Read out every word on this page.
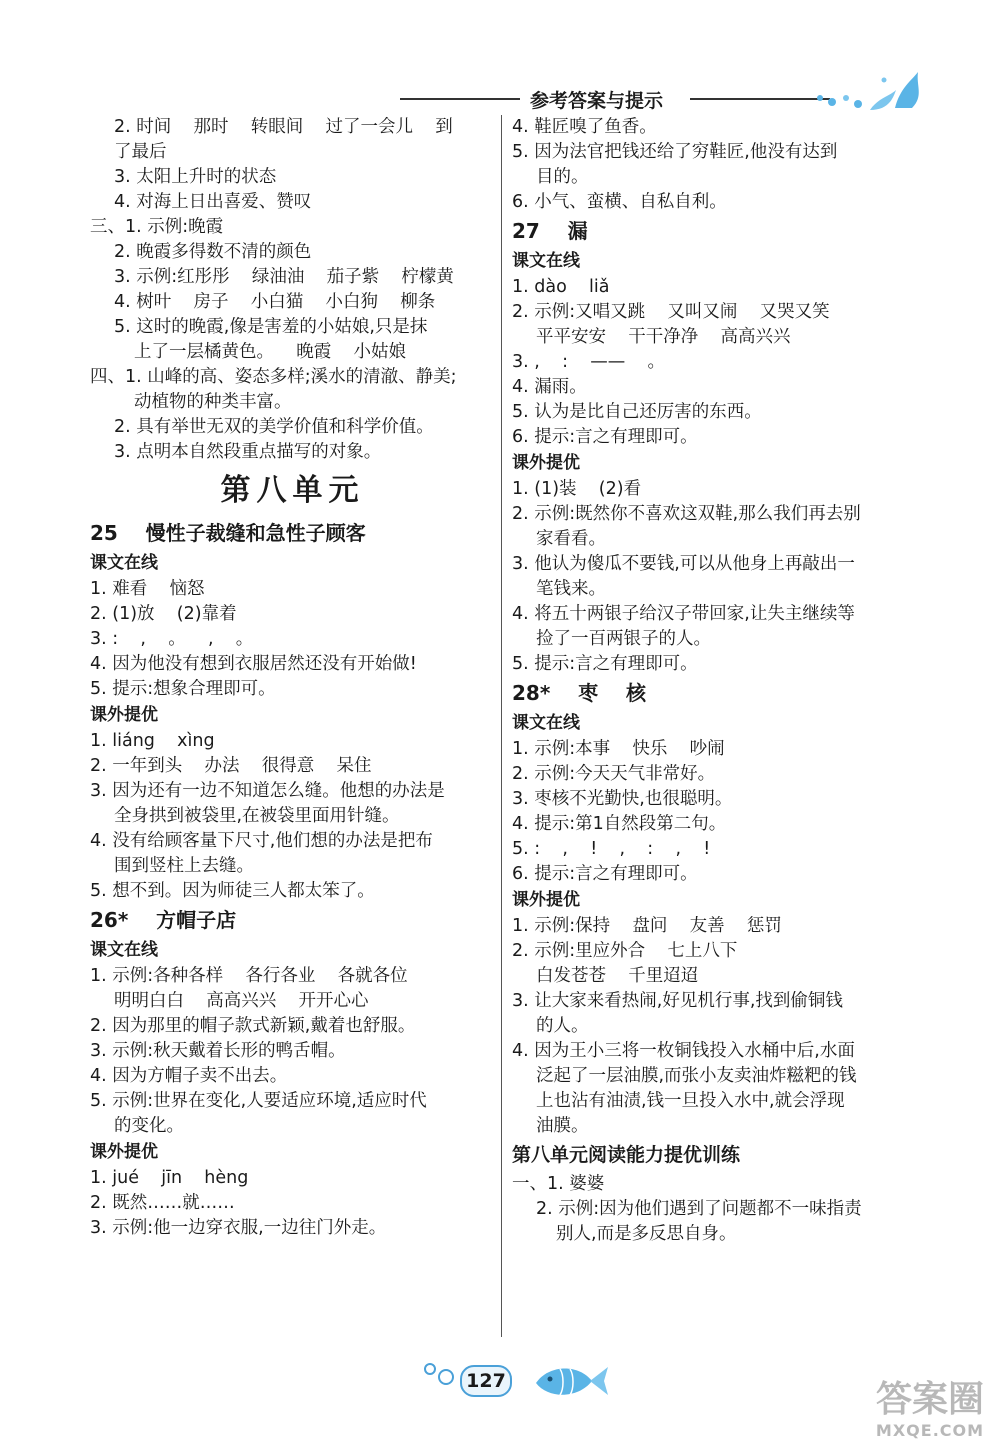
参考答案与提示
2. 时间    那时    转眼间    过了一会儿    到
了最后
3. 太阳上升时的状态
4. 对海上日出喜爱、赞叹
三、1. 示例:晚霞
2. 晚霞多得数不清的颜色
3. 示例:红彤彤    绿油油    茄子紫    柠檬黄
4. 树叶    房子    小白猫    小白狗    柳条
5. 这时的晚霞,像是害羞的小姑娘,只是抹
上了一层橘黄色。    晚霞    小姑娘
四、1. 山峰的高、姿态多样;溪水的清澈、静美;
动植物的种类丰富。
2. 具有举世无双的美学价值和科学价值。
3. 点明本自然段重点描写的对象。
第八单元
25    慢性子裁缝和急性子顾客
课文在线
1. 难看    恼怒
2. (1)放    (2)靠着
3. :    ,    。    ,    。
4. 因为他没有想到衣服居然还没有开始做!
5. 提示:想象合理即可。
课外提优
1. liáng    xìng
2. 一年到头    办法    很得意    呆住
3. 因为还有一边不知道怎么缝。他想的办法是
全身拱到被袋里,在被袋里面用针缝。
4. 没有给顾客量下尺寸,他们想的办法是把布
围到竖柱上去缝。
5. 想不到。因为师徒三人都太笨了。
26*    方帽子店
课文在线
1. 示例:各种各样    各行各业    各就各位
明明白白    高高兴兴    开开心心
2. 因为那里的帽子款式新颖,戴着也舒服。
3. 示例:秋天戴着长形的鸭舌帽。
4. 因为方帽子卖不出去。
5. 示例:世界在变化,人要适应环境,适应时代
的变化。
课外提优
1. jué    jīn    hèng
2. 既然……就……
3. 示例:他一边穿衣服,一边往门外走。
4. 鞋匠嗅了鱼香。
5. 因为法官把钱还给了穷鞋匠,他没有达到
目的。
6. 小气、蛮横、自私自利。
27    漏
课文在线
1. dào    liǎ
2. 示例:又唱又跳    又叫又闹    又哭又笑
平平安安    干干净净    高高兴兴
3. ,    :    ——    。
4. 漏雨。
5. 认为是比自己还厉害的东西。
6. 提示:言之有理即可。
课外提优
1. (1)装    (2)看
2. 示例:既然你不喜欢这双鞋,那么我们再去别
家看看。
3. 他认为傻瓜不要钱,可以从他身上再敲出一
笔钱来。
4. 将五十两银子给汉子带回家,让失主继续等
捡了一百两银子的人。
5. 提示:言之有理即可。
28*    枣    核
课文在线
1. 示例:本事    快乐    吵闹
2. 示例:今天天气非常好。
3. 枣核不光勤快,也很聪明。
4. 提示:第1自然段第二句。
5. :    ,    !    ,    :    ,    !
6. 提示:言之有理即可。
课外提优
1. 示例:保持    盘问    友善    惩罚
2. 示例:里应外合    七上八下
白发苍苍    千里迢迢
3. 让大家来看热闹,好见机行事,找到偷铜钱
的人。
4. 因为王小三将一枚铜钱投入水桶中后,水面
泛起了一层油膜,而张小友卖油炸糍粑的钱
上也沾有油渍,钱一旦投入水中,就会浮现
油膜。
第八单元阅读能力提优训练
一、1. 婆婆
2. 示例:因为他们遇到了问题都不一味指责
别人,而是多反思自身。
127	答案圈
MXQE.COM
